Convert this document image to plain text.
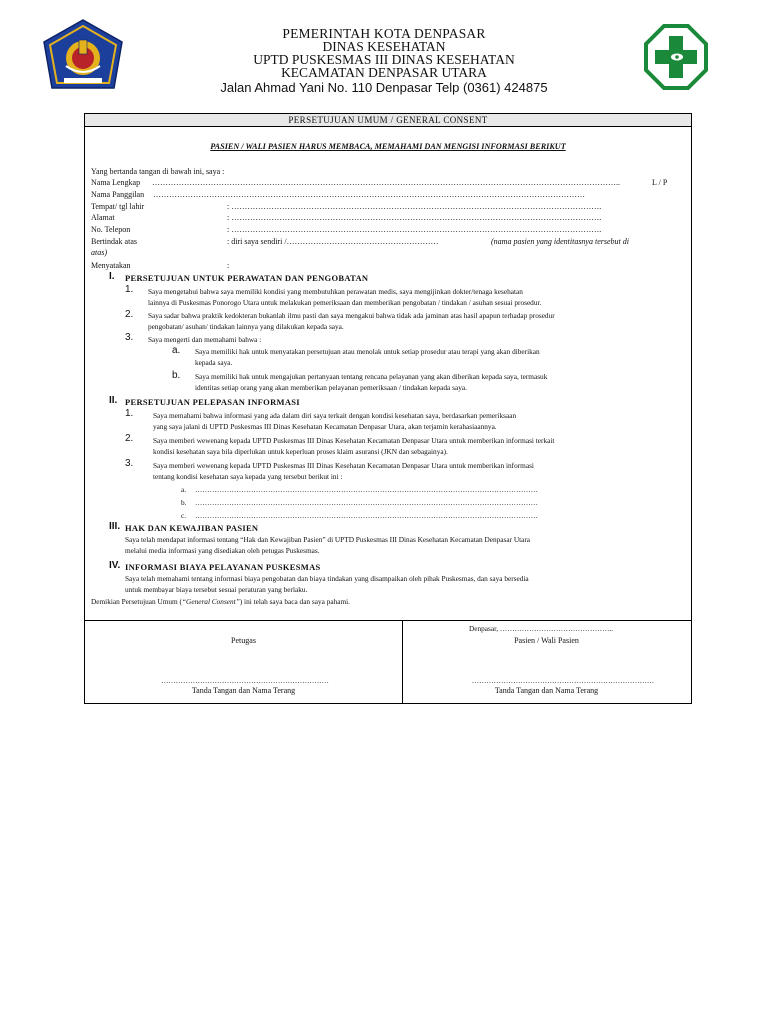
PEMERINTAH KOTA DENPASAR
DINAS KESEHATAN
UPTD PUSKESMAS III DINAS KESEHATAN
KECAMATAN DENPASAR UTARA
Jalan Ahmad Yani No. 110 Denpasar Telp (0361) 424875
PERSETUJUAN UMUM / GENERAL CONSENT
PASIEN / WALI PASIEN HARUS MEMBACA, MEMAHAMI DAN MENGISI INFORMASI BERIKUT
Yang bertanda tangan di bawah ini, saya :
Nama Lengkap …………………………………………………………………………………………………………………………………………………………..	L / P
Nama Panggilan ………………………………………………………………………………………………………………………………………………
Tempat/ tgl lahir	: ………………………………………………………………………………………………………………………….
Alamat	: ………………………………………………………………………………………………………………………….
No. Telepon	: ………………………………………………………………………………………………………………………….
Bertindak atas	: diri saya sendiri /…………………………………………………	(nama pasien yang identitasnya tersebut di
atas)
Menyatakan	:
I. PERSETUJUAN UNTUK PERAWATAN DAN PENGOBATAN
1. Saya mengetahui bahwa saya memiliki kondisi yang membutuhkan perawatan medis, saya mengijinkan dokter/tenaga kesehatan
lainnya di Puskesmas Ponorogo Utara untuk melakukan pemeriksaan dan memberikan pengobatan / tindakan / asuhan sesuai prosedur.
2. Saya sadar bahwa praktik kedokteran bukanlah ilmu pasti dan saya mengakui bahwa tidak ada jaminan atas hasil apapun terhadap prosedur
pengobatan/ asuhan/ tindakan lainnya yang dilakukan kepada saya.
3. Saya mengerti dan memahami bahwa :
a. Saya memiliki hak untuk menyatakan persetujuan atau menolak untuk setiap prosedur atau terapi yang akan diberikan
kepada saya.
b. Saya memiliki hak untuk mengajukan pertanyaan tentang rencana pelayanan yang akan diberikan kepada saya, termasuk
identitas setiap orang yang akan memberikan pelayanan pemeriksaan / tindakan kepada saya.
II. PERSETUJUAN PELEPASAN INFORMASI
1.	Saya memahami bahwa informasi yang ada dalam diri saya terkait dengan kondisi kesehatan saya, berdasarkan pemeriksaan
yang saya jalani di UPTD Puskesmas III Dinas Kesehatan Kecamatan Denpasar Utara, akan terjamin kerahasiaannya.
2.	Saya memberi wewenang kepada UPTD Puskesmas III Dinas Kesehatan Kecamatan Denpasar Utara untuk memberikan informasi terkait
kondisi kesehatan saya bila diperlukan untuk keperluan proses klaim asuransi (JKN dan sebagainya).
3.	Saya memberi wewenang kepada UPTD Puskesmas III Dinas Kesehatan Kecamatan Denpasar Utara untuk memberikan informasi
tentang kondisi kesehatan saya kepada yang tersebut berikut ini :
a. ……………………………………………………………………………………………………………………………
b. ……………………………………………………………………………………………………………………………
c. ……………………………………………………………………………………………………………………………
III. HAK DAN KEWAJIBAN PASIEN
Saya telah mendapat informasi tentang “Hak dan Kewajiban Pasien” di UPTD Puskesmas III Dinas Kesehatan Kecamatan Denpasar Utara
melalui media informasi yang disediakan oleh petugas Puskesmas.
IV. INFORMASI BIAYA PELAYANAN PUSKESMAS
Saya telah memahami tentang informasi biaya pengobatan dan biaya tindakan yang disampaikan oleh pihak Puskesmas, dan saya bersedia
untuk membayar biaya tersebut sesuai peraturan yang berlaku.
Demikian Persetujuan Umum (“General Consent”) ini telah saya baca dan saya pahami.
Denpasar, ………………………………………..
Petugas	Pasien / Wali Pasien
……………………………………………………………	…………………………………………………………………
Tanda Tangan dan Nama Terang	Tanda Tangan dan Nama Terang
